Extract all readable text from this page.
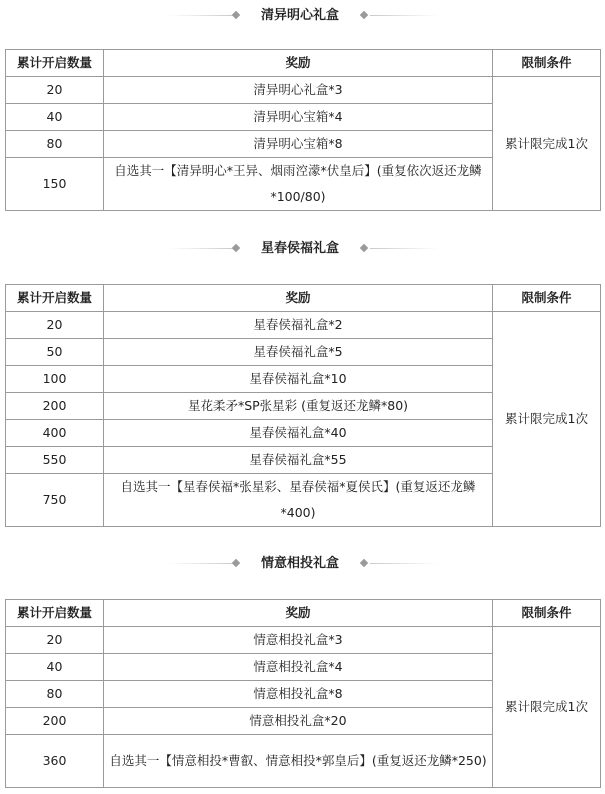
清异明心礼盒
累计开启数量	奖励	限制条件
20	清异明心礼盒*3	累计限完成1次
40	清异明心宝箱*4	
80	清异明心宝箱*8	
150	自选其一【清异明心*王异、烟雨涳濛*伏皇后】(重复依次返还龙鳞*100/80)	
星春侯福礼盒
累计开启数量	奖励	限制条件
20	星春侯福礼盒*2	累计限完成1次
50	星春侯福礼盒*5	
100	星春侯福礼盒*10	
200	星花柔矛*SP张星彩 (重复返还龙鳞*80)	
400	星春侯福礼盒*40	
550	星春侯福礼盒*55	
750	自选其一【星春侯福*张星彩、星春侯福*夏侯氏】(重复返还龙鳞*400)	
情意相投礼盒
累计开启数量	奖励	限制条件
20	情意相投礼盒*3	累计限完成1次
40	情意相投礼盒*4	
80	情意相投礼盒*8	
200	情意相投礼盒*20	
360	自选其一【情意相投*曹叡、情意相投*郭皇后】(重复返还龙鳞*250)	
